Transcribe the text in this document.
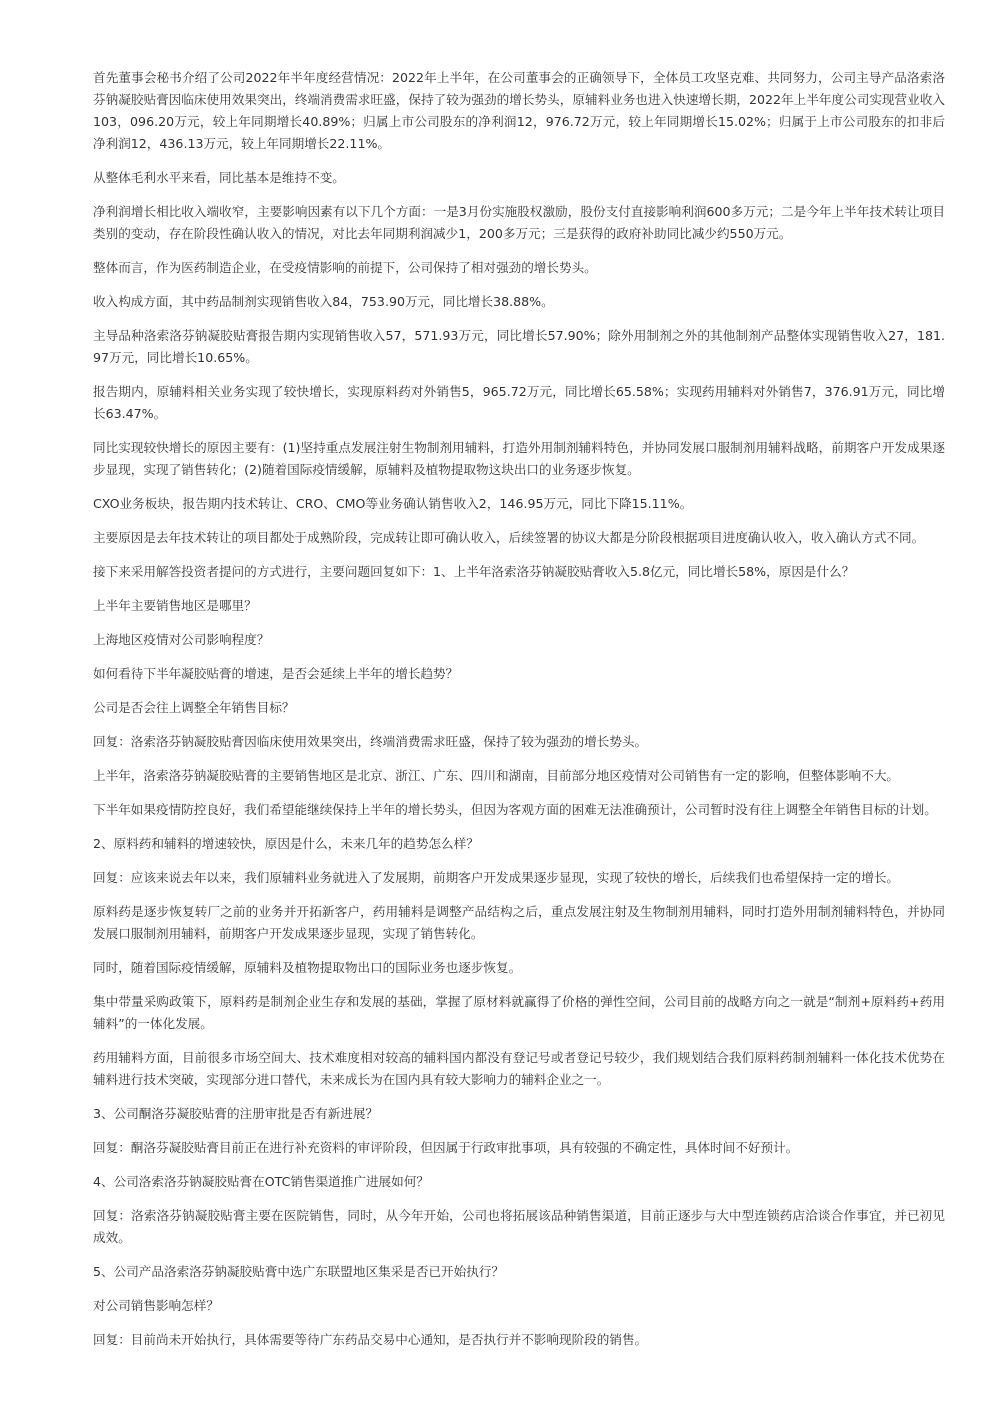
首先董事会秘书介绍了公司2022年半年度经营情况：2022年上半年，在公司董事会的正确领导下，全体员工攻坚克难、共同努力，公司主导产品洛索洛芬钠凝胶贴膏因临床使用效果突出，终端消费需求旺盛，保持了较为强劲的增长势头，原辅料业务也进入快速增长期，2022年上半年度公司实现营业收入103，096.20万元，较上年同期增长40.89%；归属上市公司股东的净利润12，976.72万元，较上年同期增长15.02%；归属于上市公司股东的扣非后净利润12，436.13万元，较上年同期增长22.11%。

从整体毛利水平来看，同比基本是维持不变。

净利润增长相比收入端收窄，主要影响因素有以下几个方面：一是3月份实施股权激励，股份支付直接影响利润600多万元；二是今年上半年技术转让项目类别的变动，存在阶段性确认收入的情况，对比去年同期利润减少1，200多万元；三是获得的政府补助同比减少约550万元。

整体而言，作为医药制造企业，在受疫情影响的前提下，公司保持了相对强劲的增长势头。

收入构成方面，其中药品制剂实现销售收入84，753.90万元，同比增长38.88%。

主导品种洛索洛芬钠凝胶贴膏报告期内实现销售收入57，571.93万元，同比增长57.90%；除外用制剂之外的其他制剂产品整体实现销售收入27，181.97万元，同比增长10.65%。

报告期内，原辅料相关业务实现了较快增长，实现原料药对外销售5，965.72万元，同比增长65.58%；实现药用辅料对外销售7，376.91万元，同比增长63.47%。

同比实现较快增长的原因主要有：(1)坚持重点发展注射生物制剂用辅料，打造外用制剂辅料特色，并协同发展口服制剂用辅料战略，前期客户开发成果逐步显现，实现了销售转化；(2)随着国际疫情缓解，原辅料及植物提取物这块出口的业务逐步恢复。

CXO业务板块，报告期内技术转让、CRO、CMO等业务确认销售收入2，146.95万元，同比下降15.11%。

主要原因是去年技术转让的项目都处于成熟阶段，完成转让即可确认收入，后续签署的协议大都是分阶段根据项目进度确认收入，收入确认方式不同。

接下来采用解答投资者提问的方式进行，主要问题回复如下：1、上半年洛索洛芬钠凝胶贴膏收入5.8亿元，同比增长58%，原因是什么？

上半年主要销售地区是哪里？

上海地区疫情对公司影响程度？

如何看待下半年凝胶贴膏的增速，是否会延续上半年的增长趋势？

公司是否会往上调整全年销售目标？

回复：洛索洛芬钠凝胶贴膏因临床使用效果突出，终端消费需求旺盛，保持了较为强劲的增长势头。

上半年，洛索洛芬钠凝胶贴膏的主要销售地区是北京、浙江、广东、四川和湖南，目前部分地区疫情对公司销售有一定的影响，但整体影响不大。

下半年如果疫情防控良好，我们希望能继续保持上半年的增长势头，但因为客观方面的困难无法准确预计，公司暂时没有往上调整全年销售目标的计划。

2、原料药和辅料的增速较快，原因是什么，未来几年的趋势怎么样？

回复：应该来说去年以来，我们原辅料业务就进入了发展期，前期客户开发成果逐步显现，实现了较快的增长，后续我们也希望保持一定的增长。

原料药是逐步恢复转厂之前的业务并开拓新客户，药用辅料是调整产品结构之后，重点发展注射及生物制剂用辅料，同时打造外用制剂辅料特色，并协同发展口服制剂用辅料，前期客户开发成果逐步显现，实现了销售转化。

同时，随着国际疫情缓解，原辅料及植物提取物出口的国际业务也逐步恢复。

集中带量采购政策下，原料药是制剂企业生存和发展的基础，掌握了原材料就赢得了价格的弹性空间，公司目前的战略方向之一就是“制剂+原料药+药用辅料”的一体化发展。

药用辅料方面，目前很多市场空间大、技术难度相对较高的辅料国内都没有登记号或者登记号较少，我们规划结合我们原料药制剂辅料一体化技术优势在辅料进行技术突破，实现部分进口替代，未来成长为在国内具有较大影响力的辅料企业之一。

3、公司酮洛芬凝胶贴膏的注册审批是否有新进展？

回复：酮洛芬凝胶贴膏目前正在进行补充资料的审评阶段，但因属于行政审批事项，具有较强的不确定性，具体时间不好预计。

4、公司洛索洛芬钠凝胶贴膏在OTC销售渠道推广进展如何？

回复：洛索洛芬钠凝胶贴膏主要在医院销售，同时，从今年开始，公司也将拓展该品种销售渠道，目前正逐步与大中型连锁药店洽谈合作事宜，并已初见成效。

5、公司产品洛索洛芬钠凝胶贴膏中选广东联盟地区集采是否已开始执行？

对公司销售影响怎样？

回复：目前尚未开始执行，具体需要等待广东药品交易中心通知，是否执行并不影响现阶段的销售。
